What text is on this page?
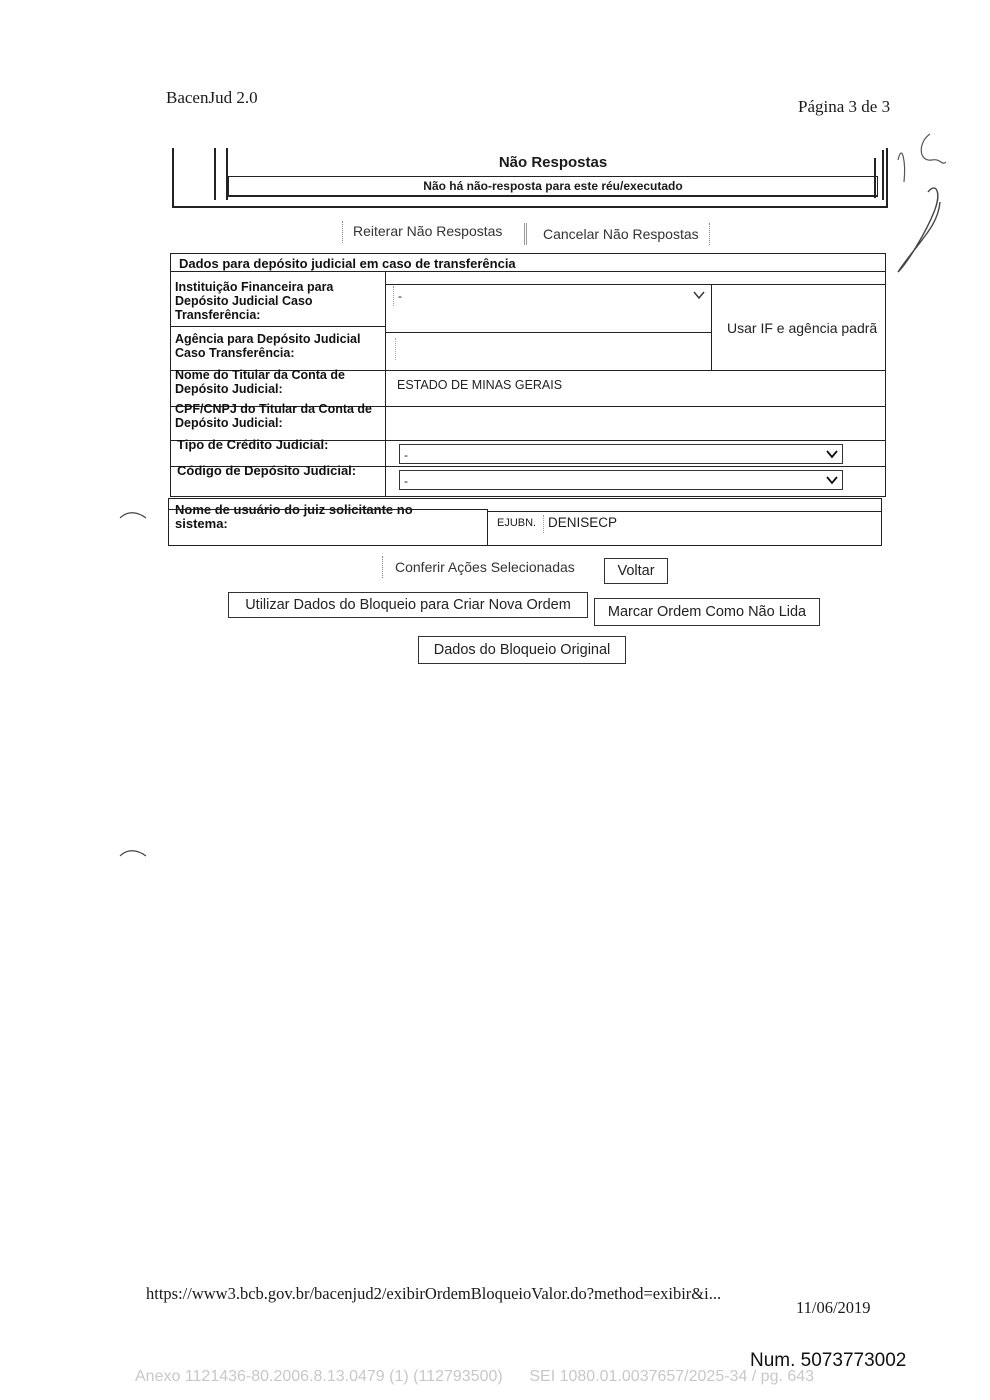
BacenJud 2.0	Página 3 de 3
Não Respostas
Não há não-resposta para este réu/executado
Reiterar Não Respostas	Cancelar Não Respostas
Dados para depósito judicial em caso de transferência
Instituição Financeira para Depósito Judicial Caso Transferência:
-
Usar IF e agência padrã
Agência para Depósito Judicial Caso Transferência:
Nome do Titular da Conta de Depósito Judicial:	ESTADO DE MINAS GERAIS
CPF/CNPJ do Titular da Conta de Depósito Judicial:
Tipo de Crédito Judicial:
-
Código de Depósito Judicial:
-
Nome de usuário do juiz solicitante no sistema:	EJUBN. DENISECP
Conferir Ações Selecionadas	Voltar
Utilizar Dados do Bloqueio para Criar Nova Ordem	Marcar Ordem Como Não Lida
Dados do Bloqueio Original
https://www3.bcb.gov.br/bacenjud2/exibirOrdemBloqueioValor.do?method=exibir&i...
11/06/2019
Num. 5073773002
Anexo 1121436-80.2006.8.13.0479 (1) (112793500)      SEI 1080.01.0037657/2025-34 / pg. 643
